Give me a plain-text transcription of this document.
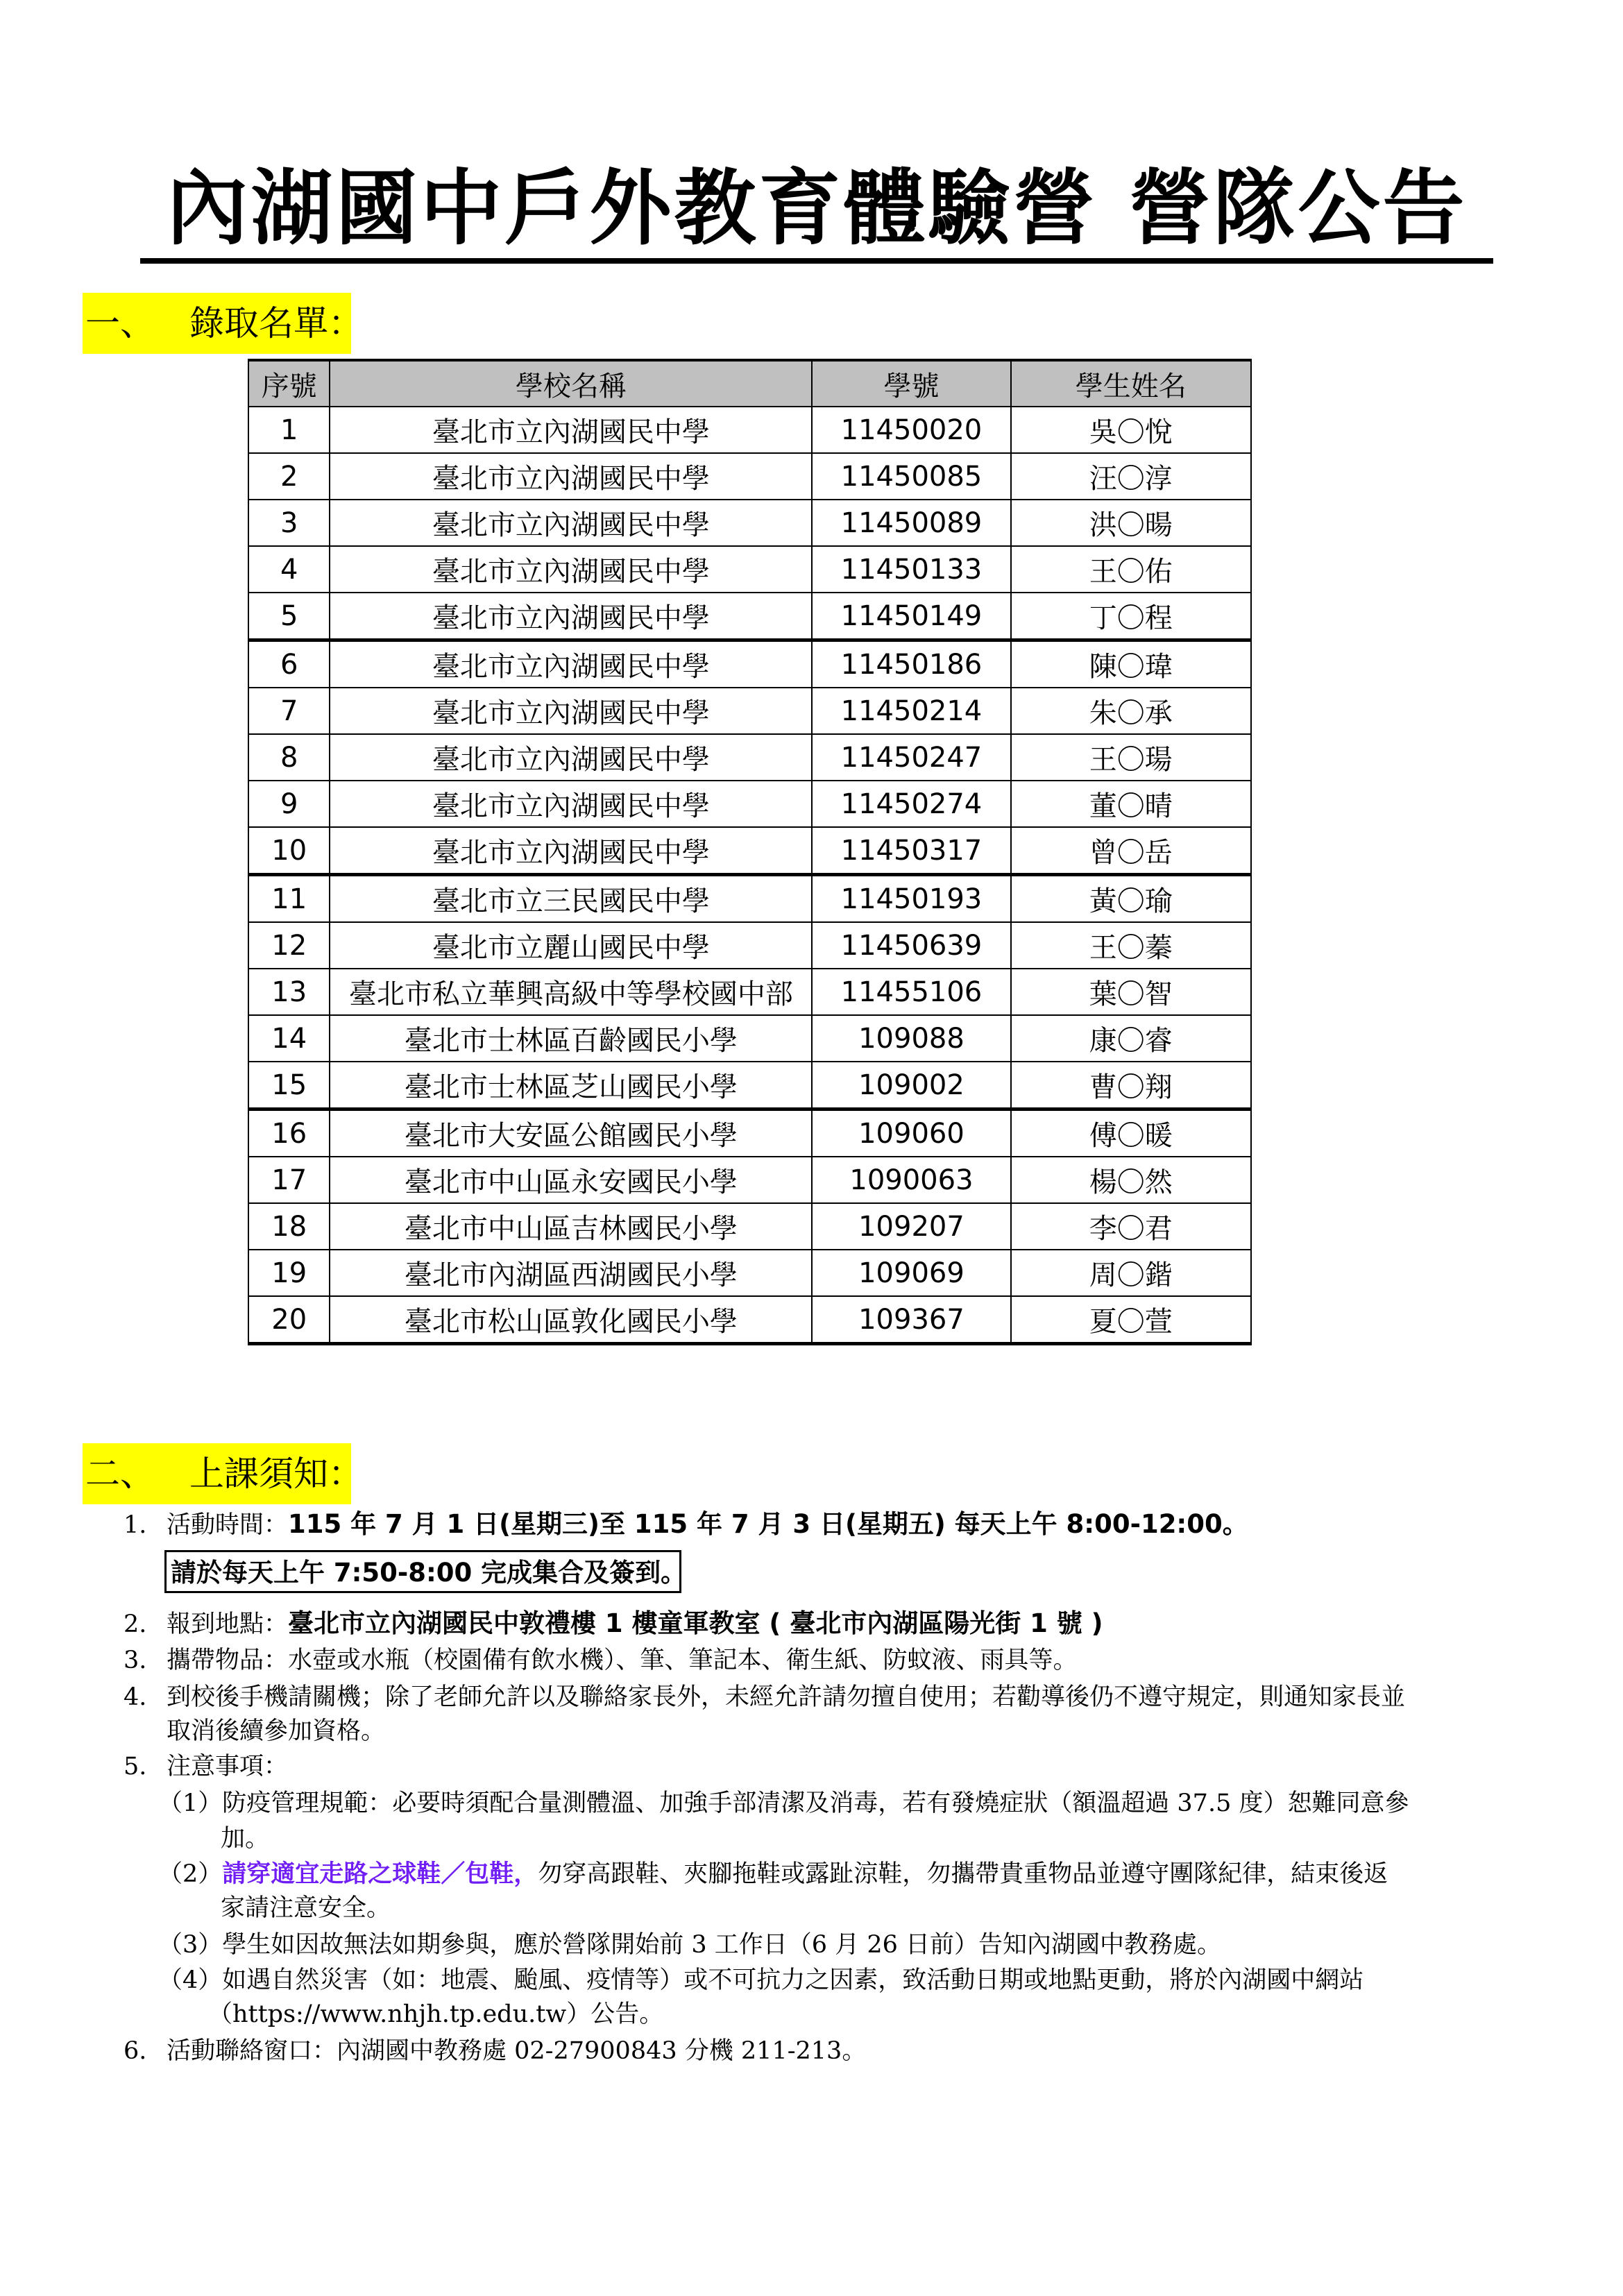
內湖國中戶外教育體驗營 營隊公告
一、 錄取名單：
序號	學校名稱	學號	學生姓名
1	臺北市立內湖國民中學	11450020	吳〇悅
2	臺北市立內湖國民中學	11450085	汪〇淳
3	臺北市立內湖國民中學	11450089	洪〇暘
4	臺北市立內湖國民中學	11450133	王〇佑
5	臺北市立內湖國民中學	11450149	丁〇程
6	臺北市立內湖國民中學	11450186	陳〇瑋
7	臺北市立內湖國民中學	11450214	朱〇承
8	臺北市立內湖國民中學	11450247	王〇瑒
9	臺北市立內湖國民中學	11450274	董〇晴
10	臺北市立內湖國民中學	11450317	曾〇岳
11	臺北市立三民國民中學	11450193	黃〇瑜
12	臺北市立麗山國民中學	11450639	王〇蓁
13	臺北市私立華興高級中等學校國中部	11455106	葉〇智
14	臺北市士林區百齡國民小學	109088	康〇睿
15	臺北市士林區芝山國民小學	109002	曹〇翔
16	臺北市大安區公館國民小學	109060	傅〇暖
17	臺北市中山區永安國民小學	1090063	楊〇然
18	臺北市中山區吉林國民小學	109207	李〇君
19	臺北市內湖區西湖國民小學	109069	周〇鍇
20	臺北市松山區敦化國民小學	109367	夏〇萱
二、 上課須知：
1. 活動時間：115 年 7 月 1 日(星期三)至 115 年 7 月 3 日(星期五) 每天上午 8:00-12:00。
請於每天上午 7:50-8:00 完成集合及簽到。
2. 報到地點：臺北市立內湖國民中敦禮樓 1 樓童軍教室 ( 臺北市內湖區陽光街 1 號 )
3. 攜帶物品：水壺或水瓶（校園備有飲水機）、筆、筆記本、衛生紙、防蚊液、雨具等。
4. 到校後手機請關機；除了老師允許以及聯絡家長外，未經允許請勿擅自使用；若勸導後仍不遵守規定，則通知家長並
取消後續參加資格。
5. 注意事項：
（1）防疫管理規範：必要時須配合量測體溫、加強手部清潔及消毒，若有發燒症狀（額溫超過 37.5 度）恕難同意參
加。
（2）請穿適宜走路之球鞋／包鞋，勿穿高跟鞋、夾腳拖鞋或露趾涼鞋，勿攜帶貴重物品並遵守團隊紀律，結束後返
家請注意安全。
（3）學生如因故無法如期參與，應於營隊開始前 3 工作日（6 月 26 日前）告知內湖國中教務處。
（4）如遇自然災害（如：地震、颱風、疫情等）或不可抗力之因素，致活動日期或地點更動，將於內湖國中網站
（https://www.nhjh.tp.edu.tw）公告。
6. 活動聯絡窗口：內湖國中教務處 02-27900843 分機 211-213。
